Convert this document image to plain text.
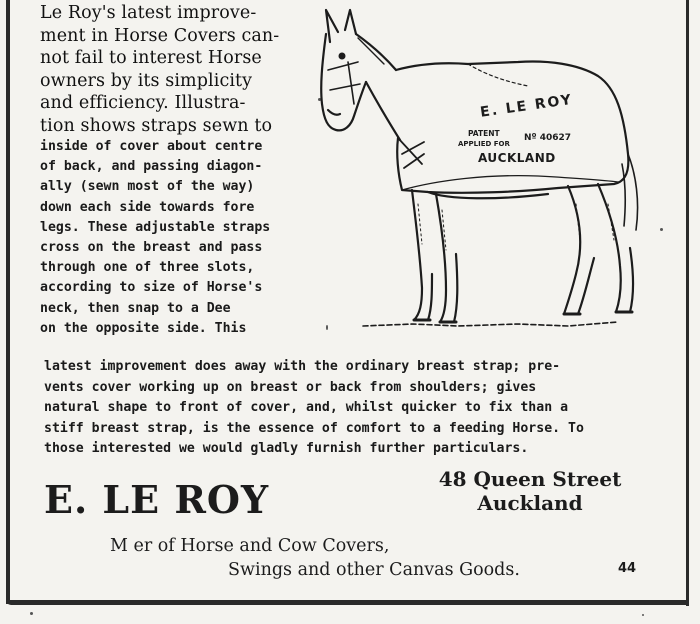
Le Roy's latest improve-

ment in Horse Covers can-

not fail to interest Horse

owners by its simplicity

and efficiency. Illustra-

tion shows straps sewn to

inside of cover about centre

of back, and passing diagon-

ally (sewn most of the way)

down each side towards fore

legs. These adjustable straps

cross on the breast and pass

through one of three slots,

according to size of Horse's

neck, then snap to a Dee

on the opposite side. This

E. LE ROY
PATENT
APPLIED FOR
Nº 40627
AUCKLAND

latest improvement does away with the ordinary breast strap; pre-

vents cover working up on breast or back from shoulders; gives

natural shape to front of cover, and, whilst quicker to fix than a

stiff breast strap, is the essence of comfort to a feeding Horse. To

those interested we would gladly furnish further particulars.

E. LE ROY	48 Queen Street
Auckland
M er of Horse and Cow Covers,
Swings and other Canvas Goods.	44
